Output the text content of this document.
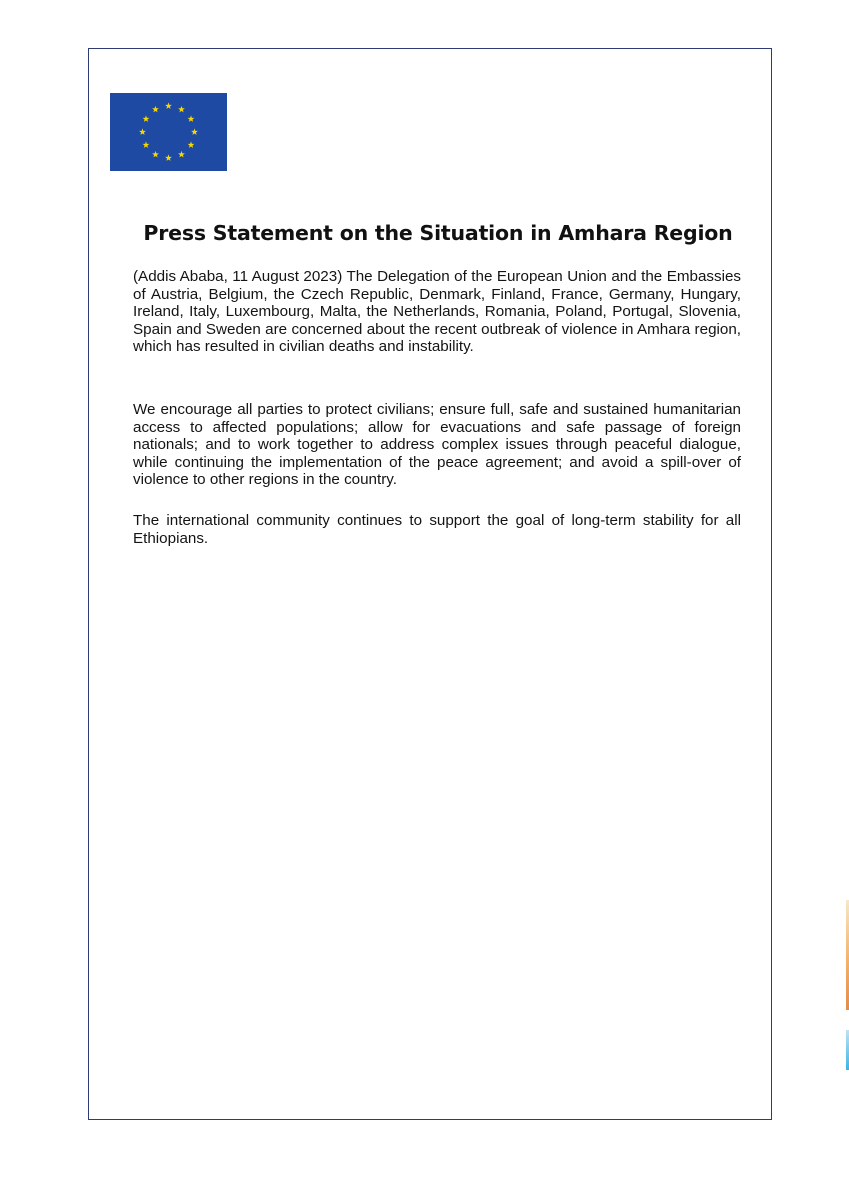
Press Statement on the Situation in Amhara Region

(Addis Ababa, 11 August 2023) The Delegation of the European Union and the Embassies of Austria, Belgium, the Czech Republic, Denmark, Finland, France, Germany, Hungary, Ireland, Italy, Luxembourg, Malta, the Netherlands, Romania, Poland, Portugal, Slovenia, Spain and Sweden are concerned about the recent outbreak of violence in Amhara region, which has resulted in civilian deaths and instability.

We encourage all parties to protect civilians; ensure full, safe and sustained humanitarian access to affected populations; allow for evacuations and safe passage of foreign nationals; and to work together to address complex issues through peaceful dialogue, while continuing the implementation of the peace agreement; and avoid a spill-over of violence to other regions in the country.

The international community continues to support the goal of long-term stability for all Ethiopians.
